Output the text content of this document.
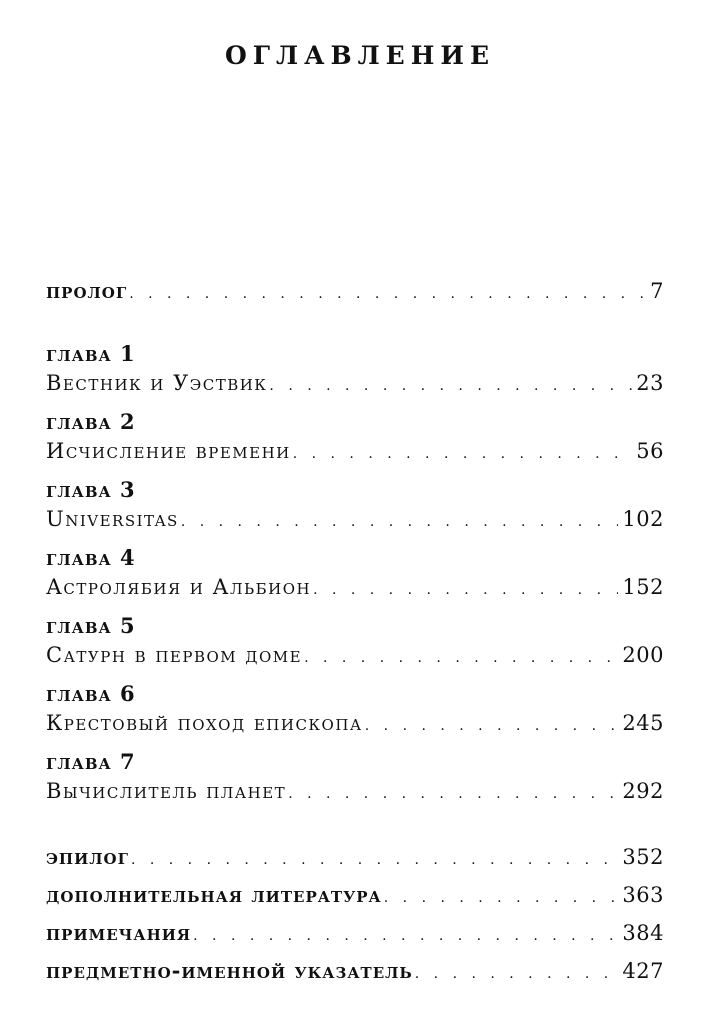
оглавление
пролог . . .	7
глава 1
Вестник и Уэствик . . .	23
глава 2
Исчисление времени . . .	56
глава 3
Universitas . . .	102
глава 4
Астролябия и Альбион . . .	152
глава 5
Сатурн в первом доме . . .	200
глава 6
Крестовый поход епископа . . .	245
глава 7
Вычислитель планет . . .	292
эпилог . . .	352
дополнительная литература . . .	363
примечания . . .	384
предметно-именной указатель . . .	427
